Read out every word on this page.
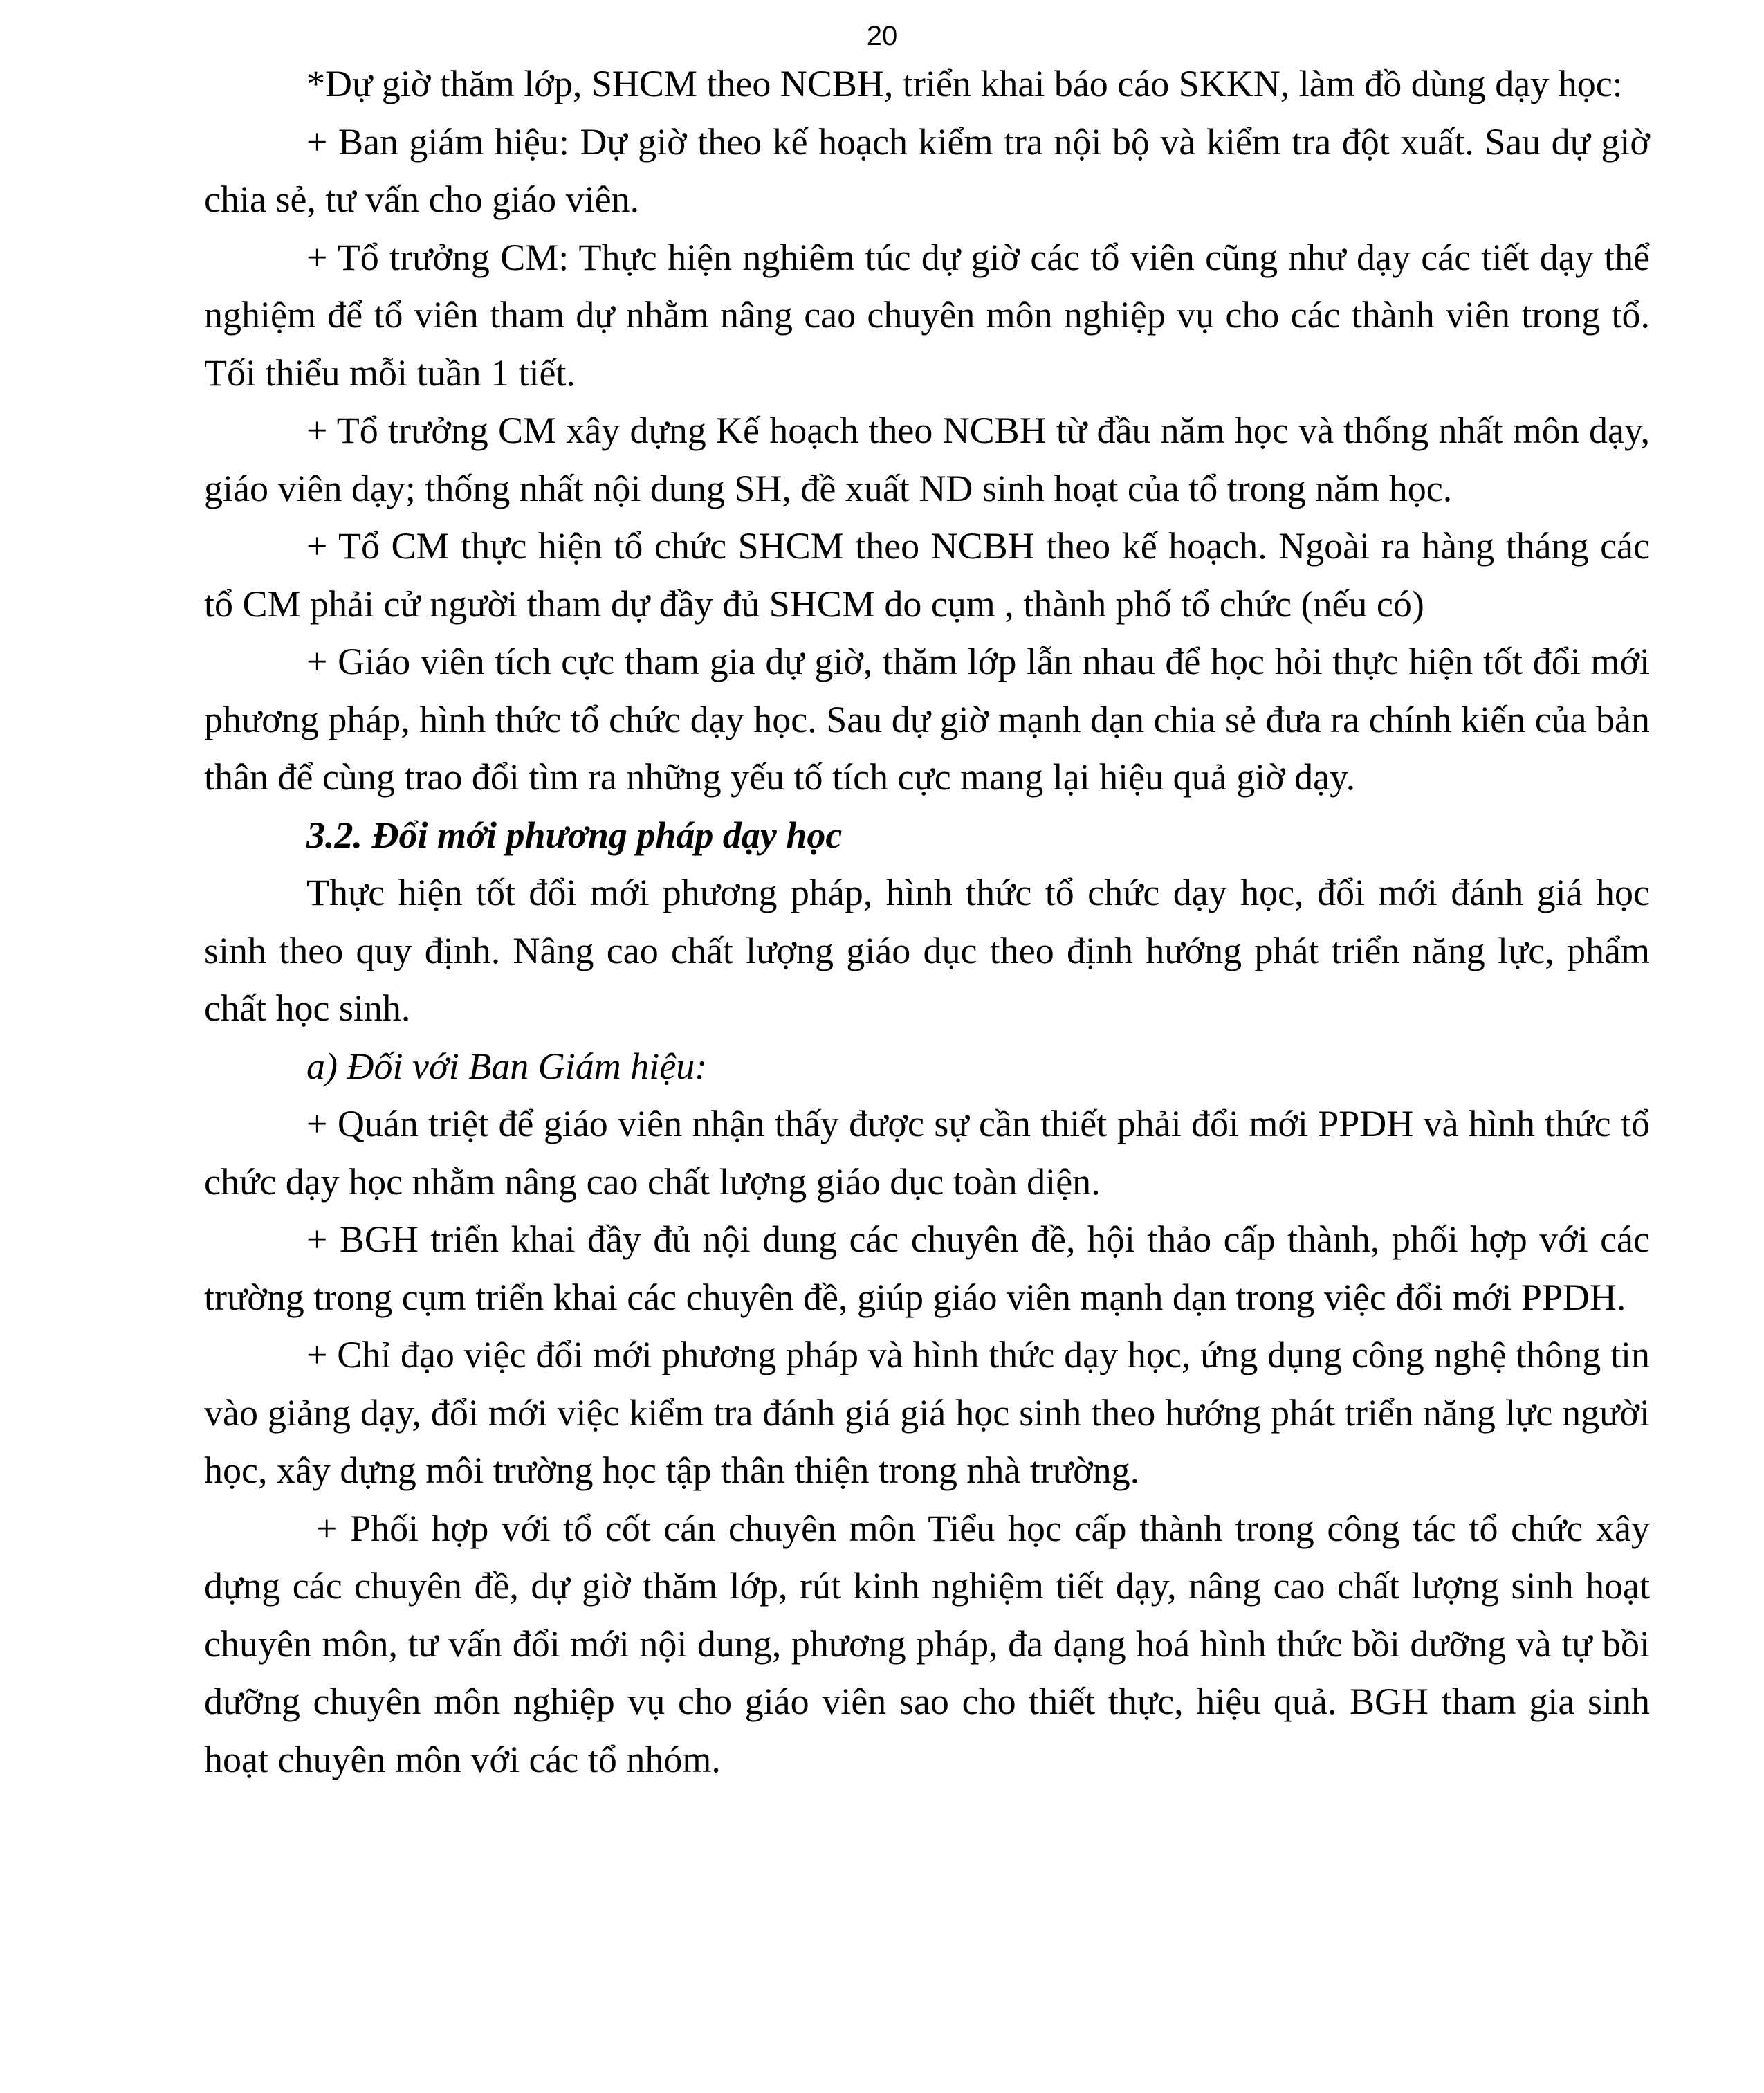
20

*Dự giờ thăm lớp, SHCM theo NCBH, triển khai báo cáo SKKN, làm đồ dùng dạy học:

+ Ban giám hiệu: Dự giờ theo kế hoạch kiểm tra nội bộ và kiểm tra đột xuất. Sau dự giờ chia sẻ, tư vấn cho giáo viên.

+ Tổ trưởng CM: Thực hiện nghiêm túc dự giờ các tổ viên cũng như dạy các tiết dạy thể nghiệm để tổ viên tham dự nhằm nâng cao chuyên môn nghiệp vụ cho các thành viên trong tổ. Tối thiểu mỗi tuần 1 tiết.

+ Tổ trưởng CM xây dựng Kế hoạch theo NCBH từ đầu năm học và thống nhất môn dạy, giáo viên dạy; thống nhất nội dung SH, đề xuất ND sinh hoạt của tổ trong năm học.

+ Tổ CM thực hiện tổ chức SHCM theo NCBH theo kế hoạch. Ngoài ra hàng tháng các tổ CM phải cử người tham dự đầy đủ SHCM do cụm , thành phố tổ chức (nếu có)

+ Giáo viên tích cực tham gia dự giờ, thăm lớp lẫn nhau để học hỏi thực hiện tốt đổi mới phương pháp, hình thức tổ chức dạy học. Sau dự giờ mạnh dạn chia sẻ đưa ra chính kiến của bản thân để cùng trao đổi tìm ra những yếu tố tích cực mang lại hiệu quả giờ dạy.

3.2. Đổi mới phương pháp dạy học

Thực hiện tốt đổi mới phương pháp, hình thức tổ chức dạy học, đổi mới đánh giá học sinh theo quy định. Nâng cao chất lượng giáo dục theo định hướng phát triển năng lực, phẩm chất học sinh.

a) Đối với Ban Giám hiệu:

+ Quán triệt để giáo viên nhận thấy được sự cần thiết phải đổi mới PPDH và hình thức tổ chức dạy học nhằm nâng cao chất lượng giáo dục toàn diện.

+ BGH triển khai đầy đủ nội dung các chuyên đề, hội thảo cấp thành, phối hợp với các trường trong cụm triển khai các chuyên đề, giúp giáo viên mạnh dạn trong việc đổi mới PPDH.

+ Chỉ đạo việc đổi mới phương pháp và hình thức dạy học, ứng dụng công nghệ thông tin vào giảng dạy, đổi mới việc kiểm tra đánh giá giá học sinh theo hướng phát triển năng lực người học, xây dựng môi trường học tập thân thiện trong nhà trường.

+ Phối hợp với tổ cốt cán chuyên môn Tiểu học cấp thành trong công tác tổ chức xây dựng các chuyên đề, dự giờ thăm lớp, rút kinh nghiệm tiết dạy, nâng cao chất lượng sinh hoạt chuyên môn, tư vấn đổi mới nội dung, phương pháp, đa dạng hoá hình thức bồi dưỡng và tự bồi dưỡng chuyên môn nghiệp vụ cho giáo viên sao cho thiết thực, hiệu quả. BGH tham gia sinh hoạt chuyên môn với các tổ nhóm.
